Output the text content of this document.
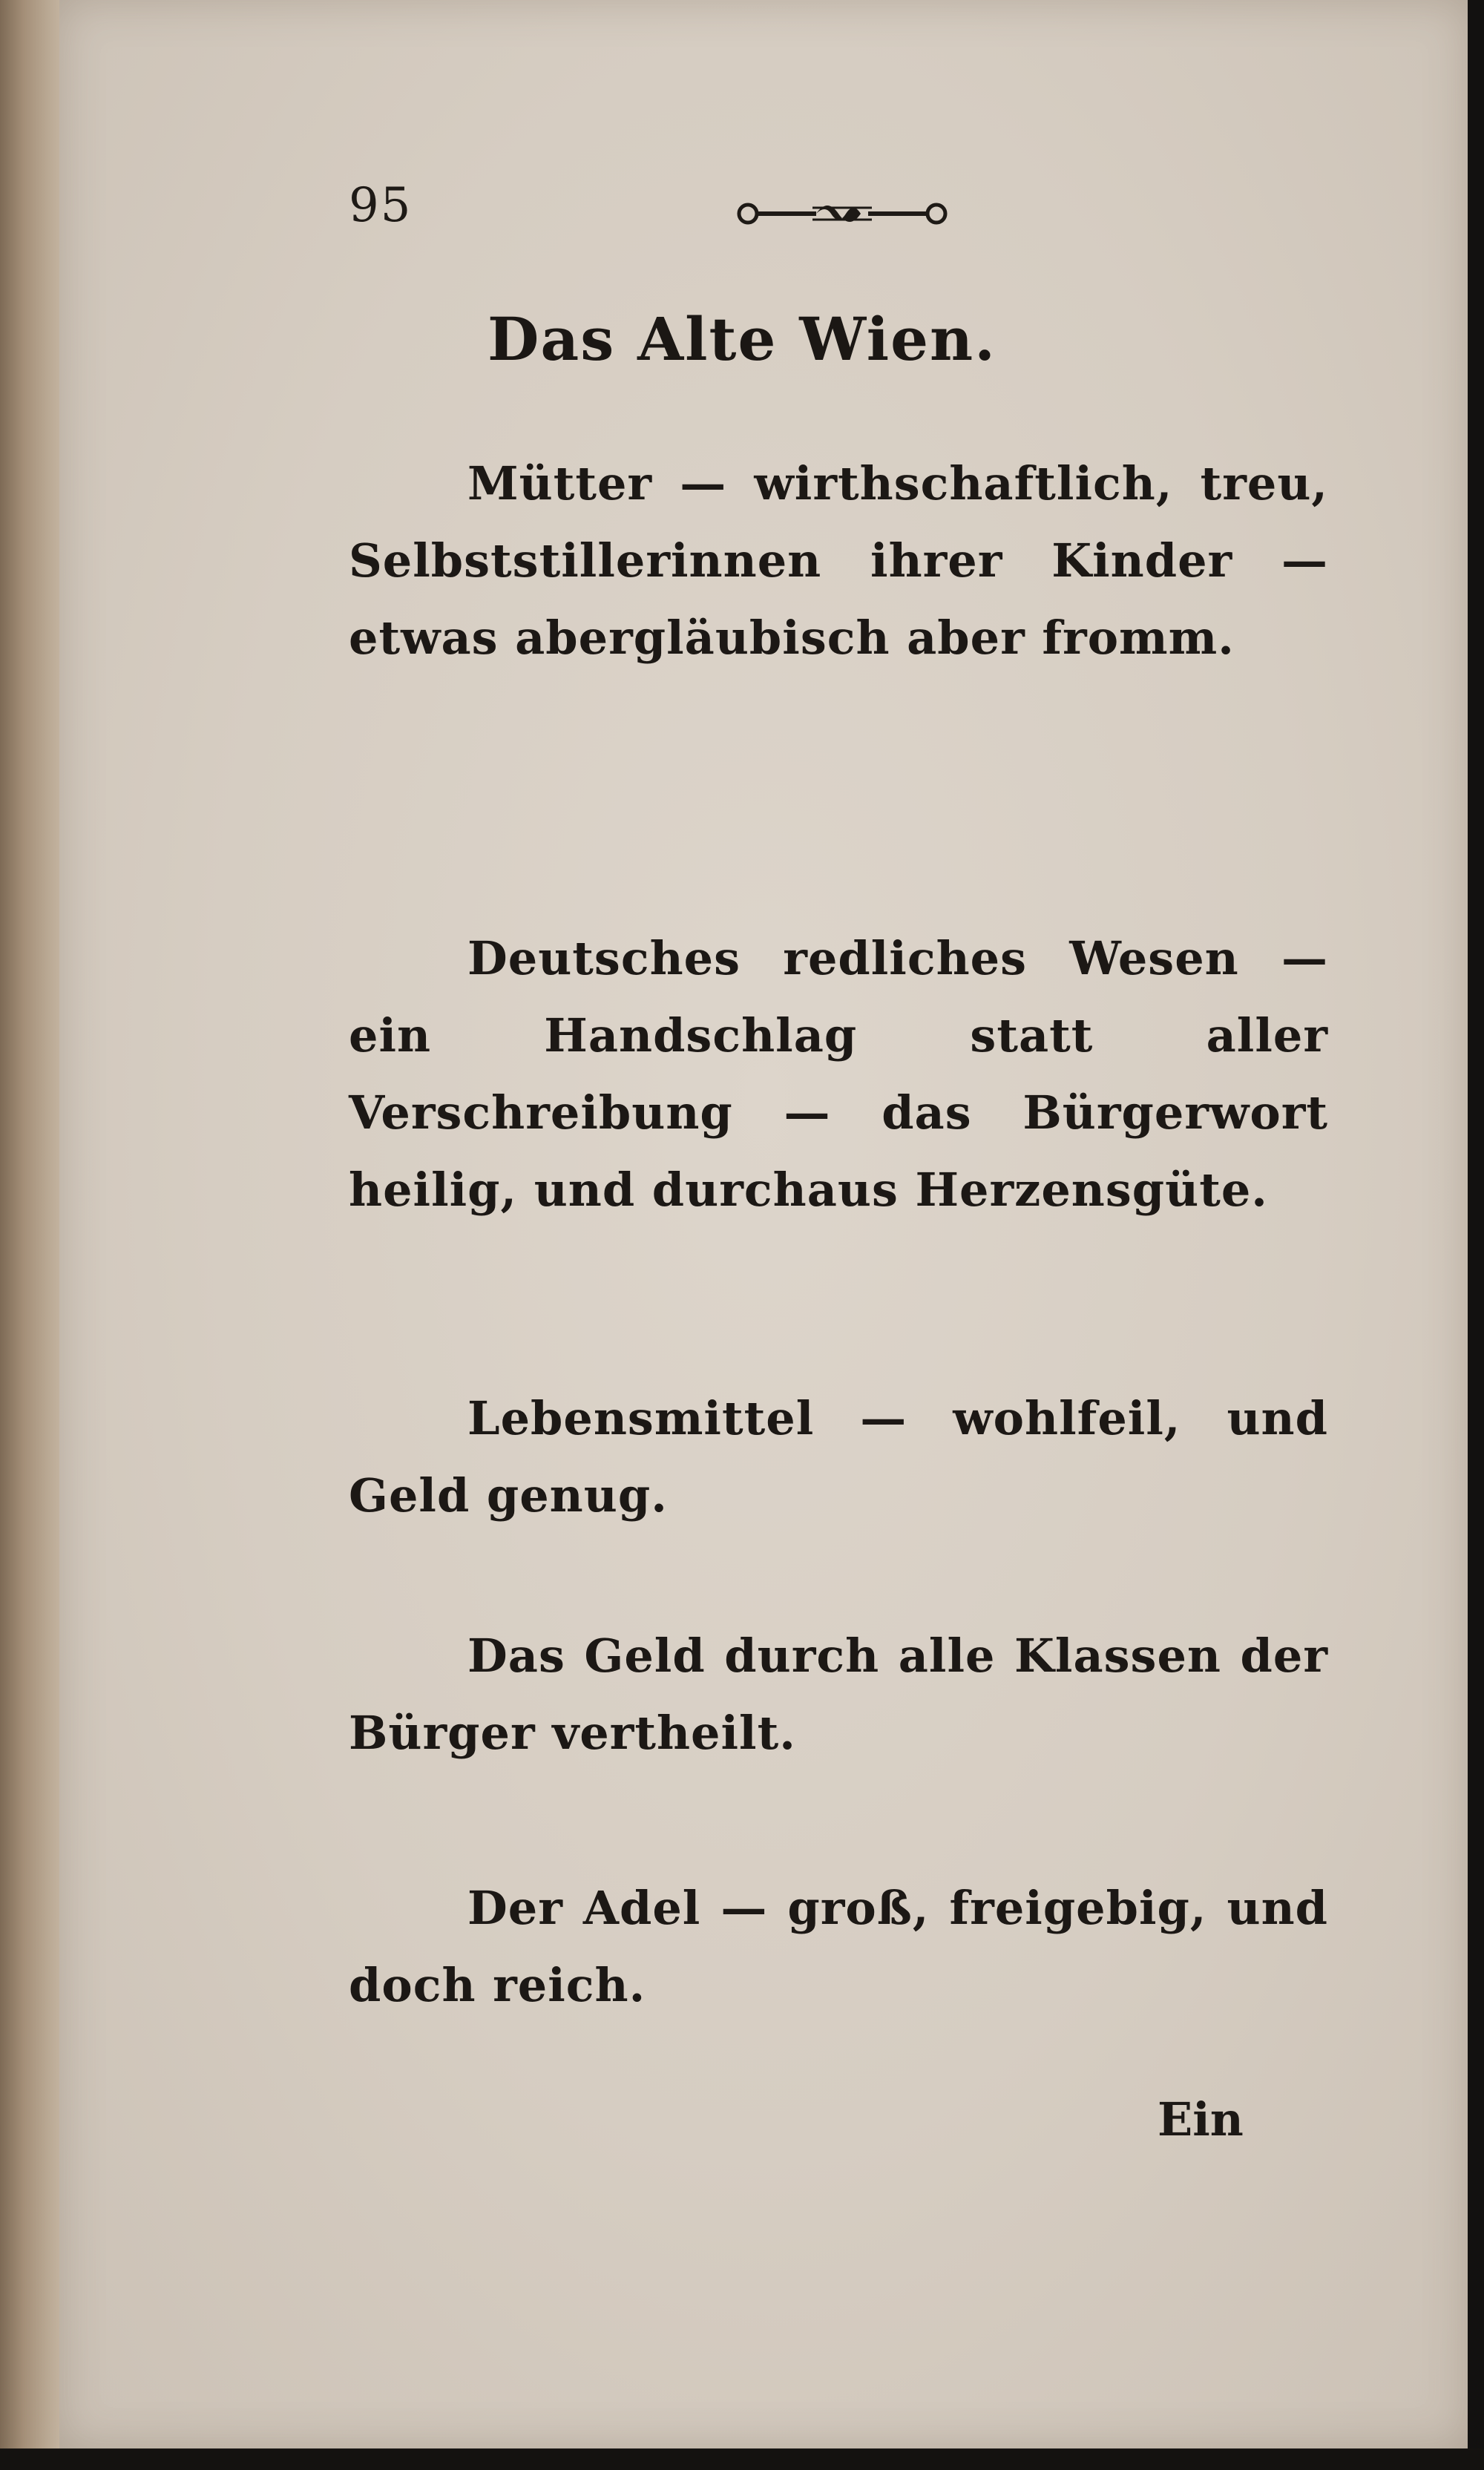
95
Das Alte Wien.
Mütter — wirthschaftlich, treu, Selbststillerinnen ihrer Kinder — etwas abergläubisch aber fromm.
Deutsches redliches Wesen — ein Handschlag statt aller Verschreibung — das Bürgerwort heilig, und durchaus Herzensgüte.
Lebensmittel — wohlfeil, und Geld genug.
Das Geld durch alle Klassen der Bürger vertheilt.
Der Adel — groß, freigebig, und doch reich.
Ein
